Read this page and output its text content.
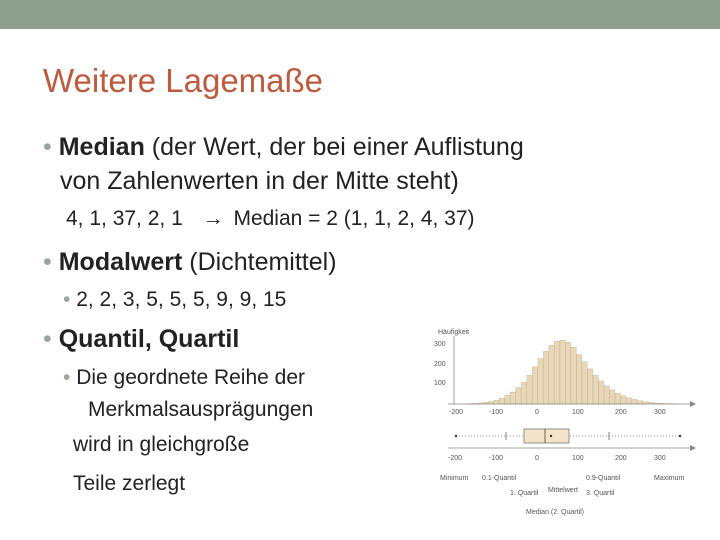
Weitere Lagemaße
• Median (der Wert, der bei einer Auflistung
von Zahlenwerten in der Mitte steht)
4, 1, 37, 2, 1 → Median = 2 (1, 1, 2, 4, 37)
• Modalwert (Dichtemittel)
• 2, 2, 3, 5, 5, 5, 9, 9, 15
• Quantil, Quartil
• Die geordnete Reihe der
Merkmalsausprägungen
wird in gleichgroße
Teile zerlegt
Häufigkeit
300
200
100
-200	-100	0	100	200	300
-200	-100	0	100	200	300
Minimum 0.1-Quantil	0.9-Quantil	Maximum
1. Quartil Mittelwert 3. Quartil
Median (2. Quartil)
